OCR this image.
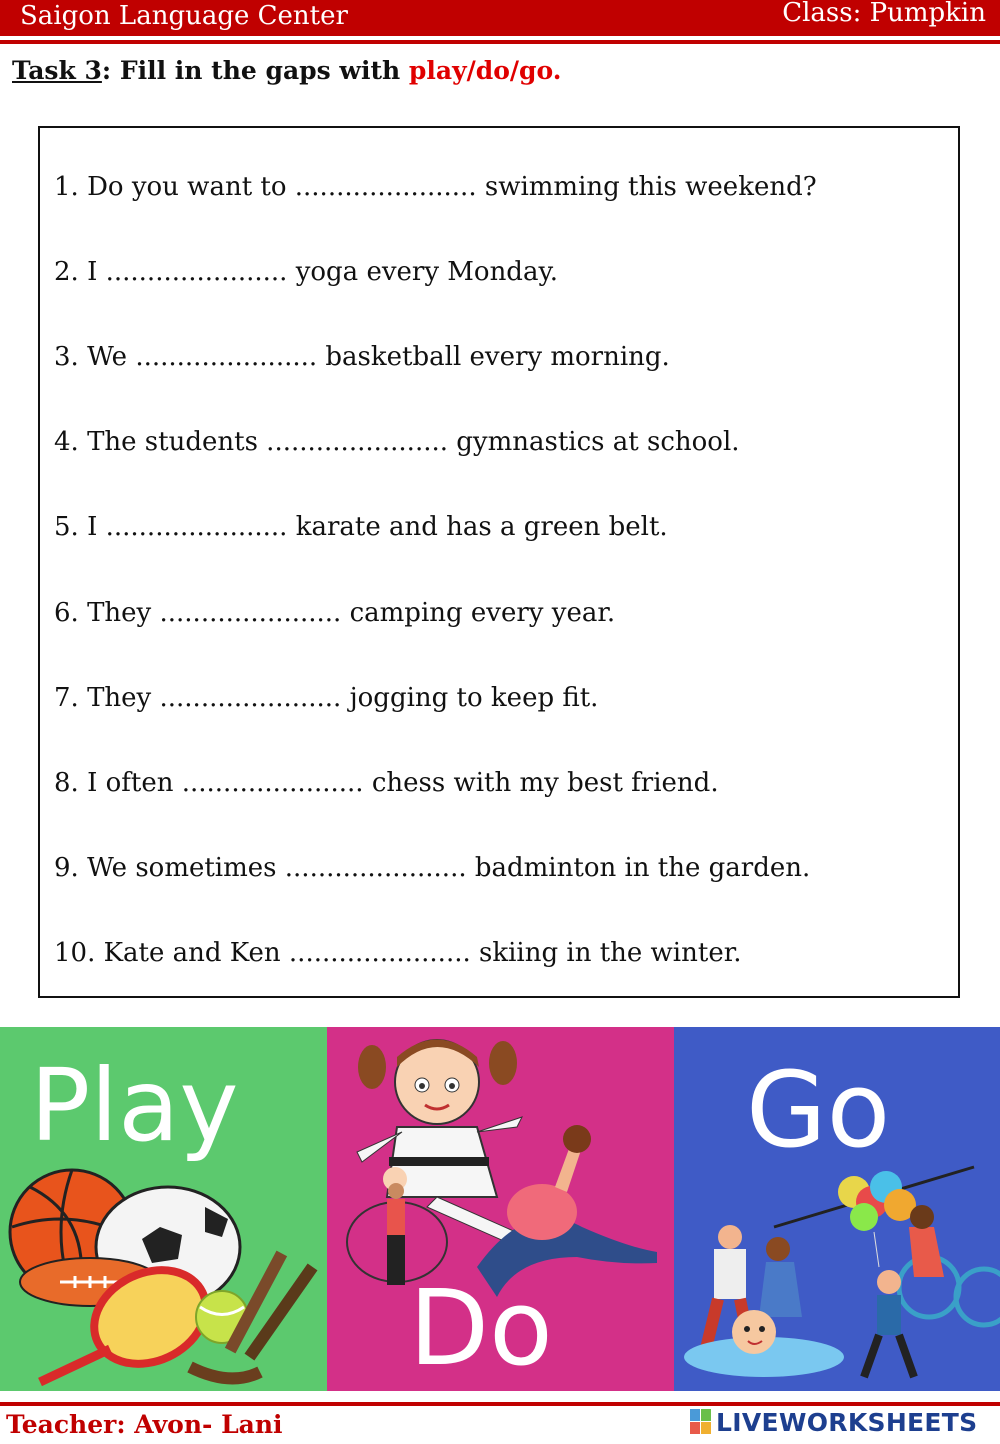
Saigon Language Center	Class: Pumpkin
Task 3: Fill in the gaps with play/do/go.
1. Do you want to ...................... swimming this weekend?
2. I ...................... yoga every Monday.
3. We ...................... basketball every morning.
4. The students ...................... gymnastics at school.
5. I ...................... karate and has a green belt.
6. They ...................... camping every year.
7. They ...................... jogging to keep fit.
8. I often ...................... chess with my best friend.
9. We sometimes ...................... badminton in the garden.
10. Kate and Ken ...................... skiing in the winter.
Play
Do
Go
Teacher: Avon- Lani	LIVEWORKSHEETS
